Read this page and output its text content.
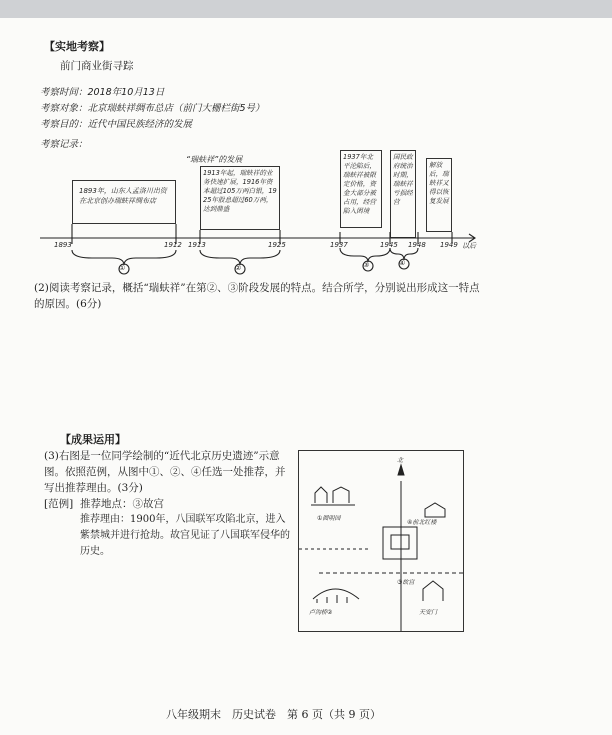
【实地考察】
前门商业街寻踪
考察时间：2018年10月13日
考察对象：北京瑞蚨祥绸布总店（前门大栅栏街5号）
考察目的：近代中国民族经济的发展
考察记录：
“瑞蚨祥”的发展
1893年，山东人孟洛川出资在北京创办瑞蚨祥绸布店
1913年起，瑞蚨祥的业务快速扩展，1916年资本超过105万两白银，1925年股息超过60万两，达到鼎盛
1937年北平沦陷后，瑞蚨祥被限定价格，资金大部分被占用，经营陷入困境
国民政府统治时期，瑞蚨祥亏损经营
解放后，瑞蚨祥又得以恢复发展
①	②	③	④
1893	1912 1913	1925	1937	1945 1948 1949 以后
(2)阅读考察记录，概括“瑞蚨祥”在第②、③阶段发展的特点。结合所学，分别说出形成这一特点的原因。(6分)
【成果运用】
(3)右图是一位同学绘制的“近代北京历史遗迹”示意图。依照范例，从图中①、②、④任选一处推荐，并写出推荐理由。(3分)
[范例] 推荐地点：③故宫
推荐理由：1900年，八国联军攻陷北京，进入紫禁城并进行抢劫。故宫见证了八国联军侵华的历史。
北
①圆明园
④前北红楼
③故宫
卢沟桥②	天安门
八年级期末　历史试卷　第 6 页（共 9 页）
